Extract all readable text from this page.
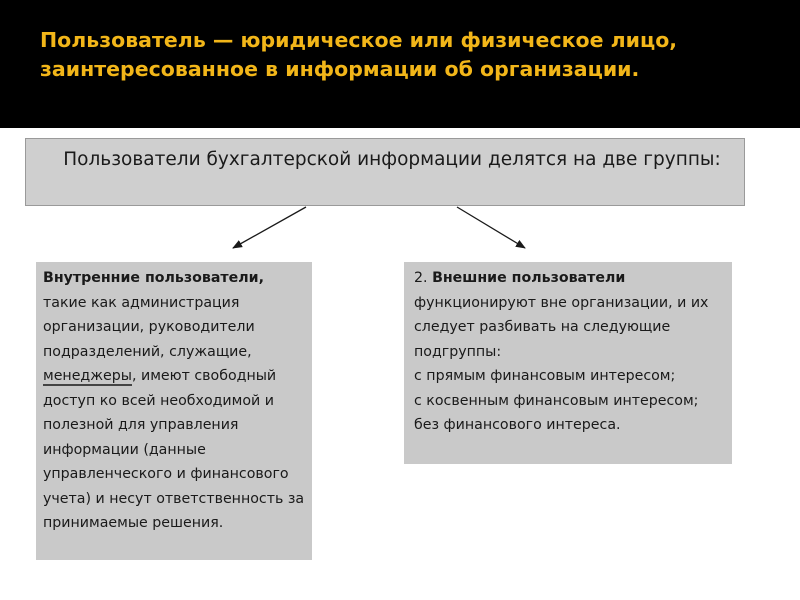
Пользователь — юридическое или физическое лицо, заинтересованное в информации об организации.

Пользователи бухгалтерской информации делятся на две группы:

Внутренние пользователи, такие как администрация организации, руководители подразделений, служащие, менеджеры, имеют свободный доступ ко всей необходимой и полезной для управления информации (данные управленческого и финансового учета) и несут ответственность за принимаемые решения.

2. Внешние пользователи функционируют вне организации, и их следует разбивать на следующие подгруппы:

с прямым финансовым интересом;

с косвенным финансовым интересом;

без финансового интереса.
